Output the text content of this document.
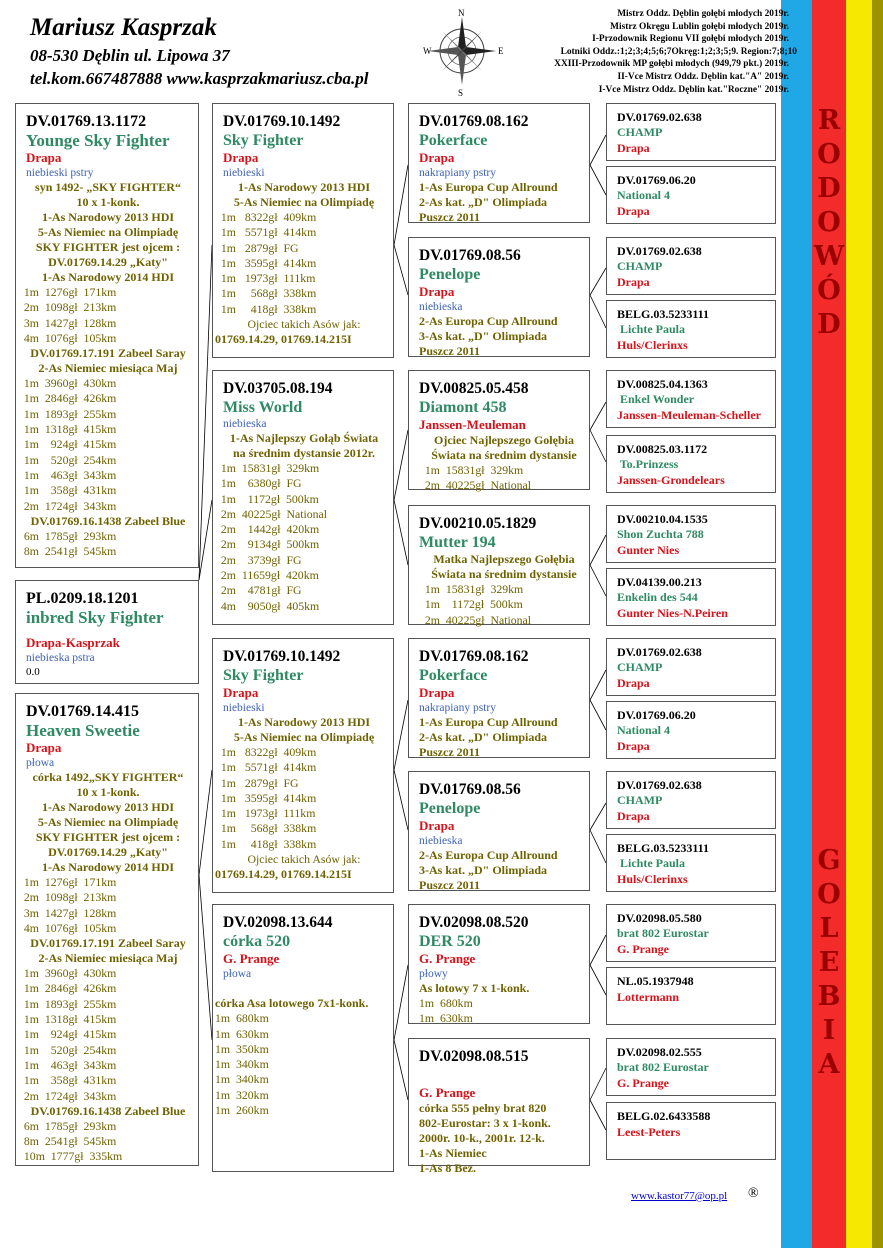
R
O
D
O
W
Ó
D
G
O
L
E
B
I
A
Mariusz Kasprzak
08-530 Dęblin ul. Lipowa 37
tel.kom.667487888 www.kasprzakmariusz.cba.pl
N
E
S
W
Mistrz Oddz. Dęblin gołębi młodych 2019r.
Mistrz Okręgu Lublin gołębi młodych 2019r.
I-Przodownik Regionu VII gołębi młodych 2019r.
Lotniki Oddz.:1;2;3;4;5;6;7Okręg:1;2;3;5;9. Region:7;8;10
XXIII-Przodownik MP gołębi młodych (949,79 pkt.) 2019r.
II-Vce Mistrz Oddz. Dęblin kat."A" 2019r.
I-Vce Mistrz Oddz. Dęblin kat."Roczne" 2019r.
DV.01769.13.1172
Younge Sky Fighter
Drapa
niebieski pstry
syn 1492- „SKY FIGHTER“
10 x 1-konk.
1-As Narodowy 2013 HDI
5-As Niemiec na Olimpiadę
SKY FIGHTER jest ojcem :
DV.01769.14.29 „Katy"
1-As Narodowy 2014 HDI
1m  1276gł  171km
2m  1098gł  213km
3m  1427gł  128km
4m  1076gł  105km
DV.01769.17.191 Zabeel Saray
2-As Niemiec miesiąca Maj
1m  3960gł  430km
1m  2846gł  426km
1m  1893gł  255km
1m  1318gł  415km
1m    924gł  415km
1m    520gł  254km
1m    463gł  343km
1m    358gł  431km
2m  1724gł  343km
DV.01769.16.1438 Zabeel Blue
6m  1785gł  293km
8m  2541gł  545km
PL.0209.18.1201
inbred Sky Fighter
Drapa-Kasprzak
niebieska pstra
0.0
DV.01769.14.415
Heaven Sweetie
Drapa
płowa
córka 1492„SKY FIGHTER“
10 x 1-konk.
1-As Narodowy 2013 HDI
5-As Niemiec na Olimpiadę
SKY FIGHTER jest ojcem :
DV.01769.14.29 „Katy"
1-As Narodowy 2014 HDI
1m  1276gł  171km
2m  1098gł  213km
3m  1427gł  128km
4m  1076gł  105km
DV.01769.17.191 Zabeel Saray
2-As Niemiec miesiąca Maj
1m  3960gł  430km
1m  2846gł  426km
1m  1893gł  255km
1m  1318gł  415km
1m    924gł  415km
1m    520gł  254km
1m    463gł  343km
1m    358gł  431km
2m  1724gł  343km
DV.01769.16.1438 Zabeel Blue
6m  1785gł  293km
8m  2541gł  545km
10m  1777gł  335km
DV.01769.10.1492
Sky Fighter
Drapa
niebieski
1-As Narodowy 2013 HDI
5-As Niemiec na Olimpiadę
1m   8322gł  409km
1m   5571gł  414km
1m   2879gł  FG
1m   3595gł  414km
1m   1973gł  111km
1m     568gł  338km
1m     418gł  338km
Ojciec takich Asów jak:
01769.14.29, 01769.14.215I
DV.03705.08.194
Miss World
niebieska
1-As Najlepszy Gołąb Świata
na średnim dystansie 2012r.
1m  15831gł  329km
1m    6380gł  FG
1m    1172gł  500km
2m  40225gł  National
2m    1442gł  420km
2m    9134gł  500km
2m    3739gł  FG
2m  11659gł  420km
2m    4781gł  FG
4m    9050gł  405km
DV.01769.10.1492
Sky Fighter
Drapa
niebieski
1-As Narodowy 2013 HDI
5-As Niemiec na Olimpiadę
1m   8322gł  409km
1m   5571gł  414km
1m   2879gł  FG
1m   3595gł  414km
1m   1973gł  111km
1m     568gł  338km
1m     418gł  338km
Ojciec takich Asów jak:
01769.14.29, 01769.14.215I
DV.02098.13.644
córka 520
G. Prange
płowa

córka Asa lotowego 7x1-konk.
1m  680km
1m  630km
1m  350km
1m  340km
1m  340km
1m  320km
1m  260km
DV.01769.08.162
Pokerface
Drapa
nakrapiany pstry
1-As Europa Cup Allround
2-As kat. „D" Olimpiada
Puszcz 2011
DV.01769.08.56
Penelope
Drapa
niebieska
2-As Europa Cup Allround
3-As kat. „D" Olimpiada
Puszcz 2011
DV.00825.05.458
Diamont 458
Janssen-Meuleman
Ojciec Najlepszego Gołębia
Świata na średnim dystansie
1m  15831gł  329km
2m  40225gł  National
DV.00210.05.1829
Mutter 194
Matka Najlepszego Gołębia
Świata na średnim dystansie
1m  15831gł  329km
1m    1172gł  500km
2m  40225gł  National
DV.01769.08.162
Pokerface
Drapa
nakrapiany pstry
1-As Europa Cup Allround
2-As kat. „D" Olimpiada
Puszcz 2011
DV.01769.08.56
Penelope
Drapa
niebieska
2-As Europa Cup Allround
3-As kat. „D" Olimpiada
Puszcz 2011
DV.02098.08.520
DER 520
G. Prange
płowy
As lotowy 7 x 1-konk.
1m  680km
1m  630km
DV.02098.08.515

G. Prange
córka 555 pełny brat 820
802-Eurostar: 3 x 1-konk.
2000r. 10-k., 2001r. 12-k.
1-As Niemiec
1-As 8 Bez.
DV.01769.02.638
CHAMP
Drapa
DV.01769.06.20
National 4
Drapa
DV.01769.02.638
CHAMP
Drapa
BELG.03.5233111
Lichte Paula
Huls/Clerinxs
DV.00825.04.1363
Enkel Wonder
Janssen-Meuleman-Scheller
DV.00825.03.1172
To.Prinzess
Janssen-Grondelears
DV.00210.04.1535
Shon Zuchta 788
Gunter Nies
DV.04139.00.213
Enkelin des 544
Gunter Nies-N.Peiren
DV.01769.02.638
CHAMP
Drapa
DV.01769.06.20
National 4
Drapa
DV.01769.02.638
CHAMP
Drapa
BELG.03.5233111
Lichte Paula
Huls/Clerinxs
DV.02098.05.580
brat 802 Eurostar
G. Prange
NL.05.1937948
Lottermann
DV.02098.02.555
brat 802 Eurostar
G. Prange
BELG.02.6433588
Leest-Peters
www.kastor77@op.pl ®
